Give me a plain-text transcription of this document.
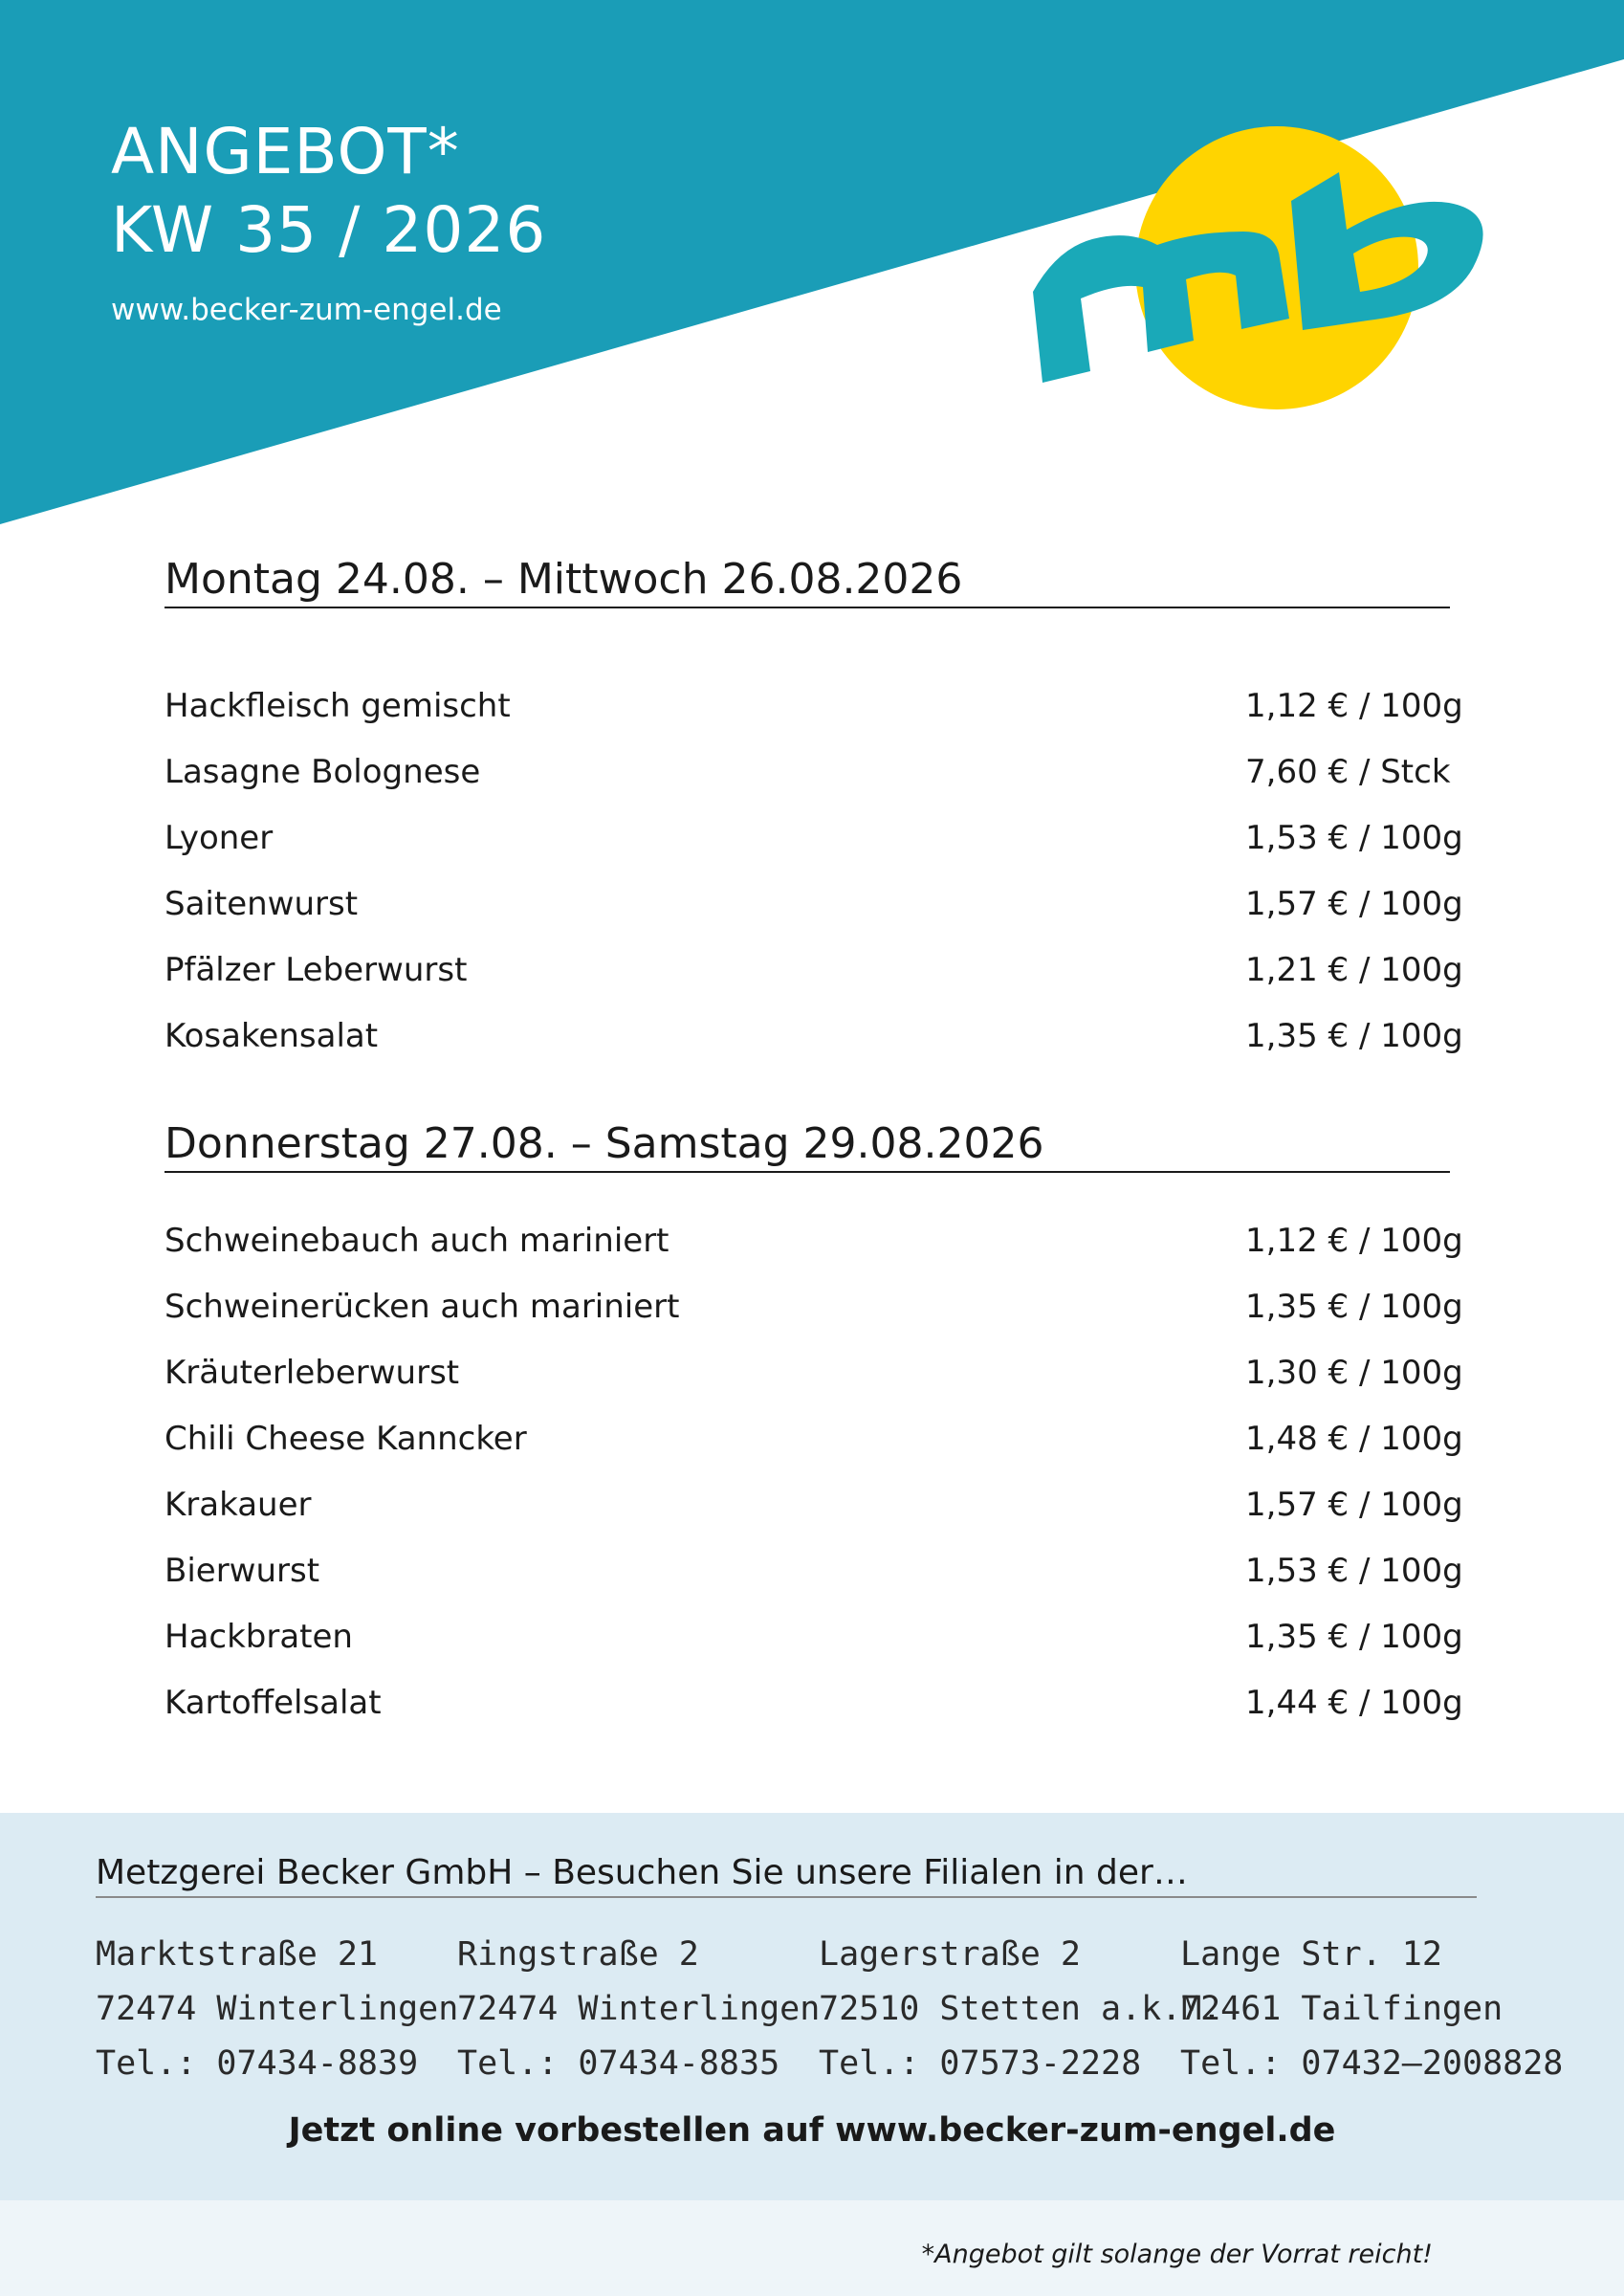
ANGEBOT*
KW 35 / 2026
www.becker-zum-engel.de
Montag 24.08. – Mittwoch 26.08.2026
Hackfleisch gemischt	1,12 € / 100g
Lasagne Bolognese	7,60 € / Stck
Lyoner	1,53 € / 100g
Saitenwurst	1,57 € / 100g
Pfälzer Leberwurst	1,21 € / 100g
Kosakensalat	1,35 € / 100g
Donnerstag 27.08. – Samstag 29.08.2026
Schweinebauch auch mariniert	1,12 € / 100g
Schweinerücken auch mariniert	1,35 € / 100g
Kräuterleberwurst	1,30 € / 100g
Chili Cheese Kanncker	1,48 € / 100g
Krakauer	1,57 € / 100g
Bierwurst	1,53 € / 100g
Hackbraten	1,35 € / 100g
Kartoffelsalat	1,44 € / 100g
Metzgerei Becker GmbH – Besuchen Sie unsere Filialen in der…
Marktstraße 21
72474 Winterlingen
Tel.: 07434-8839
Ringstraße 2
72474 Winterlingen
Tel.: 07434-8835
Lagerstraße 2
72510 Stetten a.k.M.
Tel.: 07573-2228
Lange Str. 12
72461 Tailfingen
Tel.: 07432–2008828
Jetzt online vorbestellen auf www.becker-zum-engel.de
*Angebot gilt solange der Vorrat reicht!
